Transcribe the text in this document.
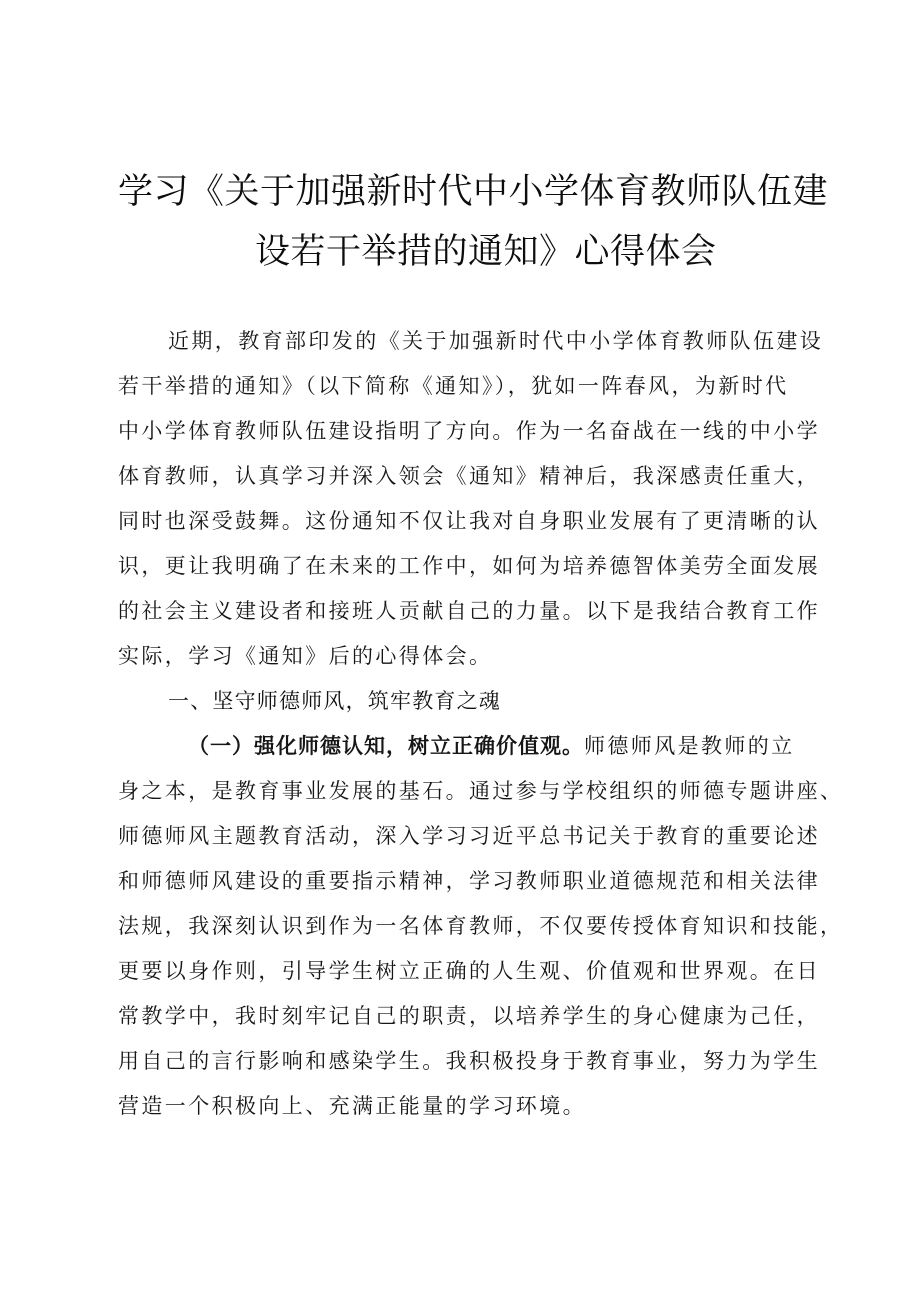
学习《关于加强新时代中小学体育教师队伍建
设若干举措的通知》心得体会
近期，教育部印发的《关于加强新时代中小学体育教师队伍建设
若干举措的通知》（以下简称《通知》），犹如一阵春风，为新时代
中小学体育教师队伍建设指明了方向。作为一名奋战在一线的中小学
体育教师，认真学习并深入领会《通知》精神后，我深感责任重大，
同时也深受鼓舞。这份通知不仅让我对自身职业发展有了更清晰的认
识，更让我明确了在未来的工作中，如何为培养德智体美劳全面发展
的社会主义建设者和接班人贡献自己的力量。以下是我结合教育工作
实际，学习《通知》后的心得体会。
一、坚守师德师风，筑牢教育之魂
（一）强化师德认知，树立正确价值观。师德师风是教师的立
身之本，是教育事业发展的基石。通过参与学校组织的师德专题讲座、
师德师风主题教育活动，深入学习习近平总书记关于教育的重要论述
和师德师风建设的重要指示精神，学习教师职业道德规范和相关法律
法规，我深刻认识到作为一名体育教师，不仅要传授体育知识和技能，
更要以身作则，引导学生树立正确的人生观、价值观和世界观。在日
常教学中，我时刻牢记自己的职责，以培养学生的身心健康为己任，
用自己的言行影响和感染学生。我积极投身于教育事业，努力为学生
营造一个积极向上、充满正能量的学习环境。
